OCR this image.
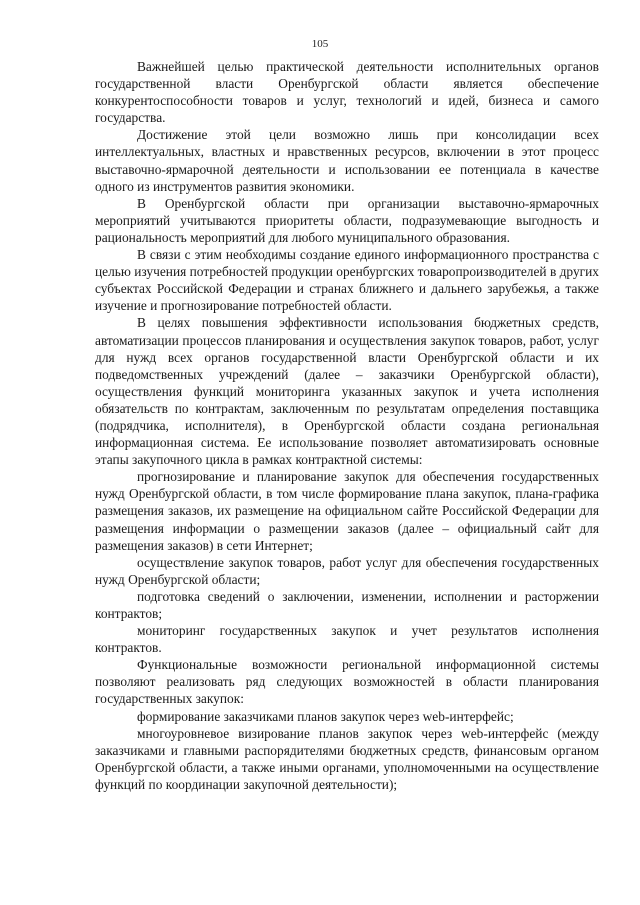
105

Важнейшей целью практической деятельности исполнительных органов государственной власти Оренбургской области является обеспечение конкурентоспособности товаров и услуг, технологий и идей, бизнеса и самого государства.

Достижение этой цели возможно лишь при консолидации всех интеллектуальных, властных и нравственных ресурсов, включении в этот процесс выставочно-ярмарочной деятельности и использовании ее потенциала в качестве одного из инструментов развития экономики.

В Оренбургской области при организации выставочно-ярмарочных мероприятий учитываются приоритеты области, подразумевающие выгодность и рациональность мероприятий для любого муниципального образования.

В связи с этим необходимы создание единого информационного пространства с целью изучения потребностей продукции оренбургских товаропроизводителей в других субъектах Российской Федерации и странах ближнего и дальнего зарубежья, а также изучение и прогнозирование потребностей области.

В целях повышения эффективности использования бюджетных средств, автоматизации процессов планирования и осуществления закупок товаров, работ, услуг для нужд всех органов государственной власти Оренбургской области и их подведомственных учреждений (далее – заказчики Оренбургской области), осуществления функций мониторинга указанных закупок и учета исполнения обязательств по контрактам, заключенным по результатам определения поставщика (подрядчика, исполнителя), в Оренбургской области создана региональная информационная система. Ее использование позволяет автоматизировать основные этапы закупочного цикла в рамках контрактной системы:

прогнозирование и планирование закупок для обеспечения государственных нужд Оренбургской области, в том числе формирование плана закупок, плана-графика размещения заказов, их размещение на официальном сайте Российской Федерации для размещения информации о размещении заказов (далее – официальный сайт для размещения заказов) в сети Интернет;

осуществление закупок товаров, работ услуг для обеспечения государственных нужд Оренбургской области;

подготовка сведений о заключении, изменении, исполнении и расторжении контрактов;

мониторинг государственных закупок и учет результатов исполнения контрактов.

Функциональные возможности региональной информационной системы позволяют реализовать ряд следующих возможностей в области планирования государственных закупок:

формирование заказчиками планов закупок через web-интерфейс;

многоуровневое визирование планов закупок через web-интерфейс (между заказчиками и главными распорядителями бюджетных средств, финансовым органом Оренбургской области, а также иными органами, уполномоченными на осуществление функций по координации закупочной деятельности);
